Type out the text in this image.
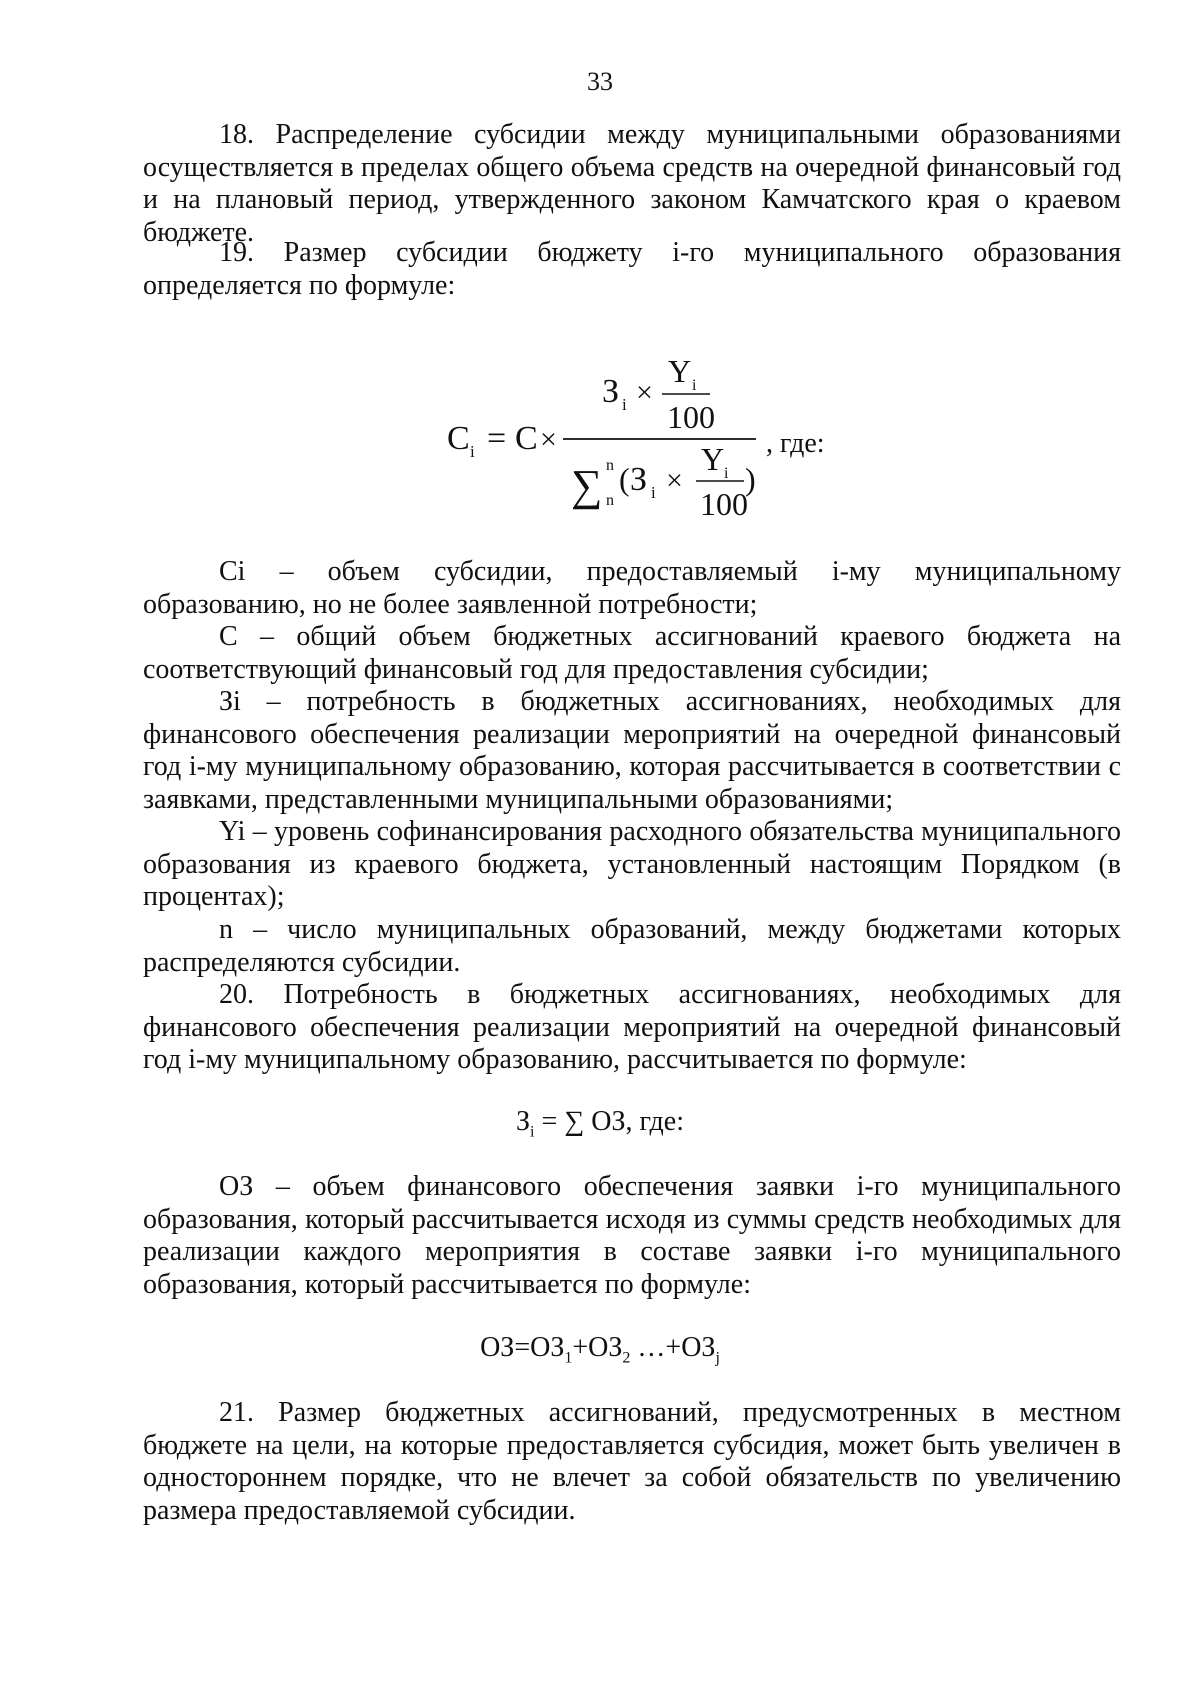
33

18. Распределение субсидии между муниципальными образованиями осуществляется в пределах общего объема средств на очередной финансовый год и на плановый период, утвержденного законом Камчатского края о краевом бюджете.

19. Размер субсидии бюджету i-го муниципального образования определяется по формуле:

C i = C ×
З i ×
Y i
100
∑ n
n
( З i ×
Y i
100
)
, где:

Ci – объем субсидии, предоставляемый i-му муниципальному образованию, но не более заявленной потребности;

С – общий объем бюджетных ассигнований краевого бюджета на соответствующий финансовый год для предоставления субсидии;

Зi – потребность в бюджетных ассигнованиях, необходимых для финансового обеспечения реализации мероприятий на очередной финансовый год i-му муниципальному образованию, которая рассчитывается в соответствии с заявками, представленными муниципальными образованиями;

Yi – уровень софинансирования расходного обязательства муниципального образования из краевого бюджета, установленный настоящим Порядком (в процентах);

n – число муниципальных образований, между бюджетами которых распределяются субсидии.

20. Потребность в бюджетных ассигнованиях, необходимых для финансового обеспечения реализации мероприятий на очередной финансовый год i-му муниципальному образованию, рассчитывается по формуле:

$З_i$ = ∑ ОЗ, где:

ОЗ – объем финансового обеспечения заявки i-го муниципального образования, который рассчитывается исходя из суммы средств необходимых для реализации каждого мероприятия в составе заявки i-го муниципального образования, который рассчитывается по формуле:

$ОЗ=ОЗ_1+ОЗ_2$ $\dots+ОЗ_j$

21. Размер бюджетных ассигнований, предусмотренных в местном бюджете на цели, на которые предоставляется субсидия, может быть увеличен в одностороннем порядке, что не влечет за собой обязательств по увеличению размера предоставляемой субсидии.
